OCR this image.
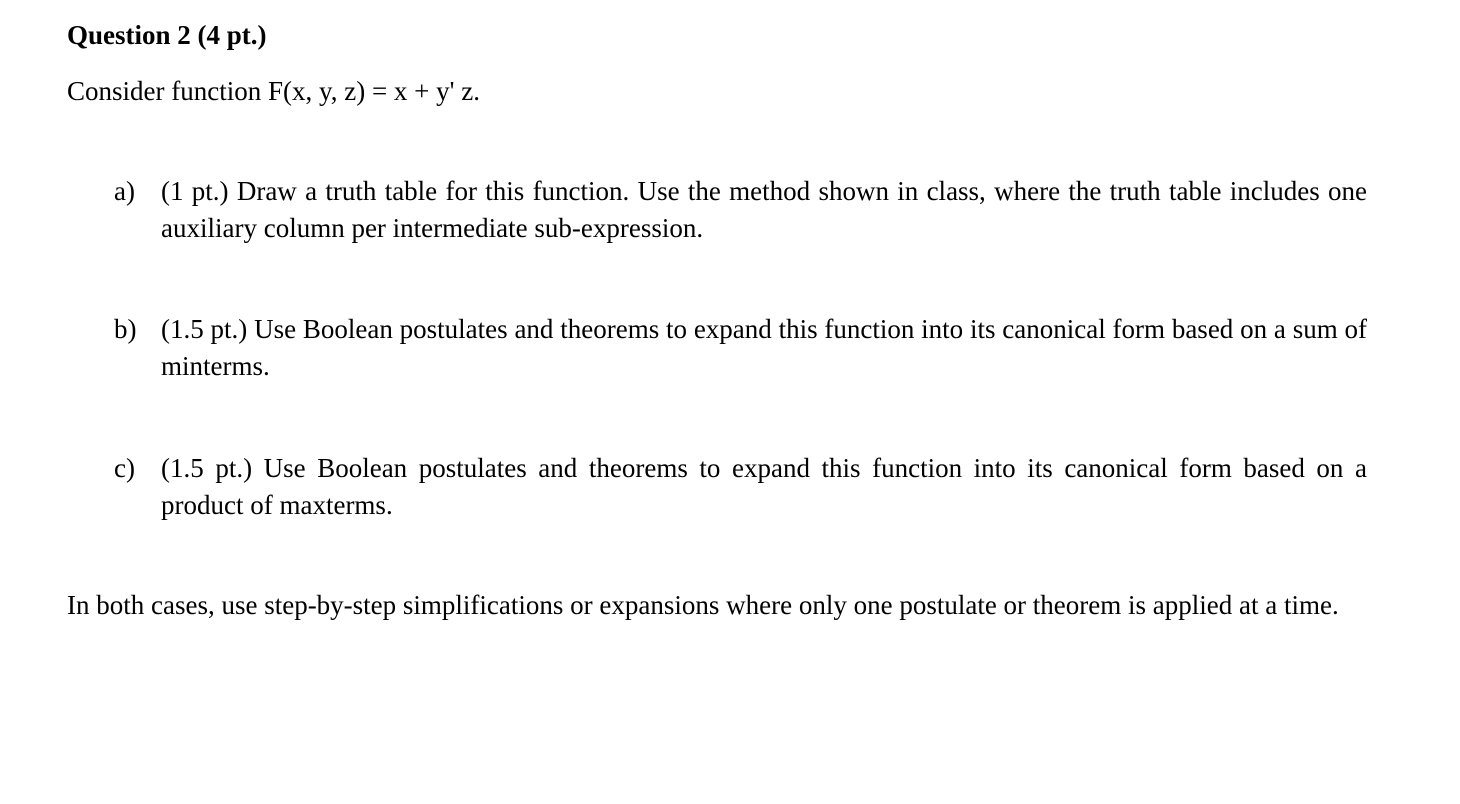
Question 2 (4 pt.)
Consider function F(x, y, z) = x + y' z.
a) (1 pt.) Draw a truth table for this function. Use the method shown in class, where the truth table includes one auxiliary column per intermediate sub-expression.
b) (1.5 pt.) Use Boolean postulates and theorems to expand this function into its canonical form based on a sum of minterms.
c) (1.5 pt.) Use Boolean postulates and theorems to expand this function into its canonical form based on a product of maxterms.
In both cases, use step-by-step simplifications or expansions where only one postulate or theorem is applied at a time.
